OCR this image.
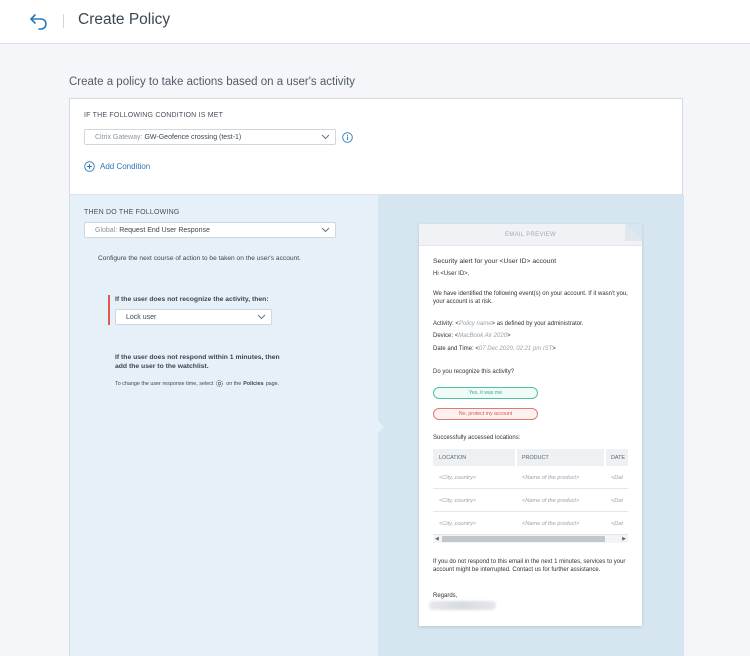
Create Policy
Create a policy to take actions based on a user's activity
IF THE FOLLOWING CONDITION IS MET
Citrix Gateway: GW-Geofence crossing (test-1)
Add Condition
THEN DO THE FOLLOWING
Global: Request End User Response
Configure the next course of action to be taken on the user's account.
If the user does not recognize the activity, then:
Lock user
If the user does not respond within 1 minutes, then add the user to the watchlist.
To change the user response time, select on the Policies page.
EMAIL PREVIEW
Security alert for your <User ID> account
Hi <User ID>,
We have identified the following event(s) on your account. If it wasn't you, your account is at risk.
Activity: <Policy name> as defined by your administrator.
Device: <MacBook Air 2020>
Date and Time: <07 Dec 2020, 02:21 pm IST>
Do you recognize this activity?
Yes, it was me
No, protect my account
Successfully accessed locations:
LOCATION	PRODUCT	DATE
<City, country>	<Name of the product>	<Dat
<City, country>	<Name of the product>	<Dat
<City, country>	<Name of the product>	<Dat
◀	▶
If you do not respond to this email in the next 1 minutes, services to your account might be interrupted. Contact us for further assistance.
Regards,
